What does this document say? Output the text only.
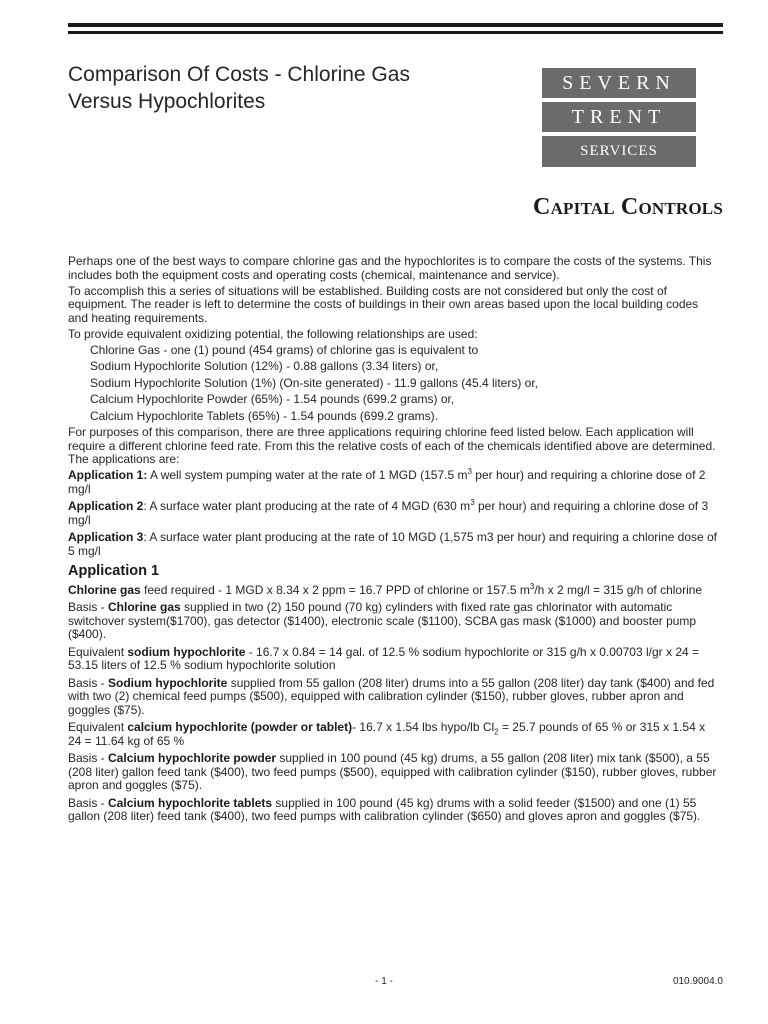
Comparison Of Costs - Chlorine Gas
Versus Hypochlorites
SEVERN
TRENT
SERVICES
Capital Controls

Perhaps one of the best ways to compare chlorine gas and the hypochlorites is to compare the costs of the systems. This includes both the equipment costs and operating costs (chemical, maintenance and service).

To accomplish this a series of situations will be established. Building costs are not considered but only the cost of equipment. The reader is left to determine the costs of buildings in their own areas based upon the local building codes and heating requirements.

To provide equivalent oxidizing potential, the following relationships are used:

Chlorine Gas - one (1) pound (454 grams) of chlorine gas is equivalent to

Sodium Hypochlorite Solution (12%) - 0.88 gallons (3.34 liters) or,

Sodium Hypochlorite Solution (1%) (On-site generated) - 11.9 gallons (45.4 liters) or,

Calcium Hypochlorite Powder (65%) - 1.54 pounds (699.2 grams) or,

Calcium Hypochlorite Tablets (65%) - 1.54 pounds (699.2 grams).

For purposes of this comparison, there are three applications requiring chlorine feed listed below. Each application will require a different chlorine feed rate. From this the relative costs of each of the chemicals identified above are determined. The applications are:

Application 1: A well system pumping water at the rate of 1 MGD (157.5 $m^3$ per hour) and requiring a chlorine dose of 2 mg/l

Application 2: A surface water plant producing at the rate of 4 MGD (630 $m^3$ per hour) and requiring a chlorine dose of 3 mg/l

Application 3: A surface water plant producing at the rate of 10 MGD (1,575 m3 per hour) and requiring a chlorine dose of 5 mg/l

Application 1

Chlorine gas feed required - 1 MGD x 8.34 x 2 ppm = 16.7 PPD of chlorine or 157.5 $m^3/h$ x 2 mg/l = 315 g/h of chlorine

Basis - Chlorine gas supplied in two (2) 150 pound (70 kg) cylinders with fixed rate gas chlorinator with automatic switchover system($1700), gas detector ($1400), electronic scale ($1100), SCBA gas mask ($1000) and booster pump ($400).

Equivalent sodium hypochlorite - 16.7 x 0.84 = 14 gal. of 12.5 % sodium hypochlorite or 315 g/h x 0.00703 l/gr x 24 = 53.15 liters of 12.5 % sodium hypochlorite solution

Basis - Sodium hypochlorite supplied from 55 gallon (208 liter) drums into a 55 gallon (208 liter) day tank ($400) and fed with two (2) chemical feed pumps ($500), equipped with calibration cylinder ($150), rubber gloves, rubber apron and goggles ($75).

Equivalent calcium hypochlorite (powder or tablet)- 16.7 x 1.54 lbs hypo/lb $Cl_2 = 25.7$ pounds of 65 % or 315 x 1.54 x 24 = 11.64 kg of 65 %

Basis - Calcium hypochlorite powder supplied in 100 pound (45 kg) drums, a 55 gallon (208 liter) mix tank ($500), a 55 (208 liter) gallon feed tank ($400), two feed pumps ($500), equipped with calibration cylinder ($150), rubber gloves, rubber apron and goggles ($75).

Basis - Calcium hypochlorite tablets supplied in 100 pound (45 kg) drums with a solid feeder ($1500) and one (1) 55 gallon (208 liter) feed tank ($400), two feed pumps with calibration cylinder ($650) and gloves apron and goggles ($75).

- 1 -	010.9004.0
